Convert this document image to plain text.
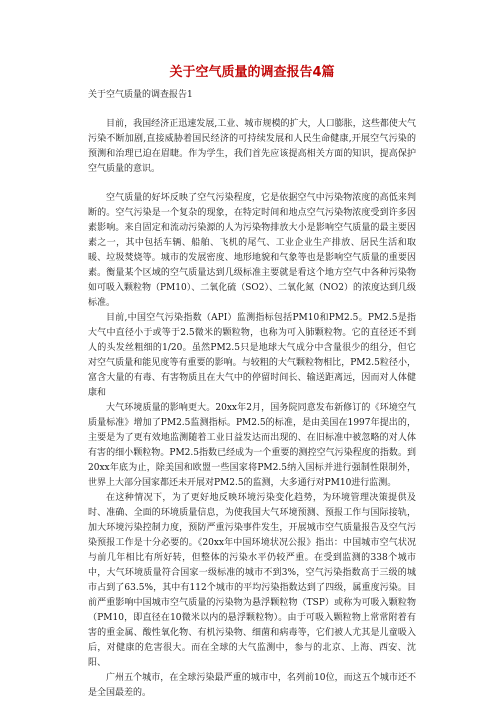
关于空气质量的调查报告4篇

关于空气质量的调查报告1

目前，我国经济正迅速发展,工业、城市规模的扩大，人口膨胀，这些都使大气污染不断加剧,直接威胁着国民经济的可持续发展和人民生命健康,开展空气污染的预测和治理已迫在眉睫。作为学生，我们首先应该提高相关方面的知识，提高保护空气质量的意识。

空气质量的好坏反映了空气污染程度，它是依据空气中污染物浓度的高低来判断的。空气污染是一个复杂的现象，在特定时间和地点空气污染物浓度受到许多因素影响。来自固定和流动污染源的人为污染物排放大小是影响空气质量的最主要因素之一，其中包括车辆、船舶、飞机的尾气、工业企业生产排放、居民生活和取暖、垃圾焚烧等。城市的发展密度、地形地貌和气象等也是影响空气质量的重要因素。衡量某个区域的空气质量达到几级标准主要就是看这个地方空气中各种污染物如可吸入颗粒物（PM10）、二氧化硫（SO2）、二氧化氮（NO2）的浓度达到几级标准。

目前,中国空气污染指数（API）监测指标包括PM10和PM2.5。PM2.5是指大气中直径小于或等于2.5微米的颗粒物，也称为可入肺颗粒物。它的直径还不到人的头发丝粗细的1/20。虽然PM2.5只是地球大气成分中含量很少的组分，但它对空气质量和能见度等有重要的影响。与较粗的大气颗粒物相比，PM2.5粒径小，富含大量的有毒、有害物质且在大气中的停留时间长、输送距离远，因而对人体健康和

大气环境质量的影响更大。20xx年2月，国务院同意发布新修订的《环境空气质量标准》增加了PM2.5监测指标。PM2.5的标准，是由美国在1997年提出的，主要是为了更有效地监测随着工业日益发达而出现的、在旧标准中被忽略的对人体有害的细小颗粒物。PM2.5指数已经成为一个重要的测控空气污染程度的指数。到20xx年底为止，除美国和欧盟一些国家将PM2.5纳入国标并进行强制性限制外，世界上大部分国家都还未开展对PM2.5的监测，大多通行对PM10进行监测。

在这种情况下，为了更好地反映环境污染变化趋势，为环境管理决策提供及时、准确、全面的环境质量信息，为使我国大气环境预测、预报工作与国际接轨，加大环境污染控制力度，预防严重污染事件发生，开展城市空气质量报告及空气污染预报工作是十分必要的。《20xx年中国环境状况公报》指出：中国城市空气状况与前几年相比有所好转，但整体的污染水平仍较严重。在受到监测的338个城市中，大气环境质量符合国家一级标准的城市不到3%，空气污染指数高于三级的城市占到了63.5%，其中有112个城市的平均污染指数达到了四级，属重度污染。目前严重影响中国城市空气质量的污染物为悬浮颗粒物（TSP）或称为可吸入颗粒物（PM10，即直径在10微米以内的悬浮颗粒物）。由于可吸入颗粒物上常常附着有害的重金属、酸性氧化物、有机污染物、细菌和病毒等，它们被人尤其是儿童吸入后，对健康的危害很大。而在全球的大气监测中，参与的北京、上海、西安、沈阳、

广州五个城市，在全球污染最严重的城市中，名列前10位，而这五个城市还不是全国最差的。
